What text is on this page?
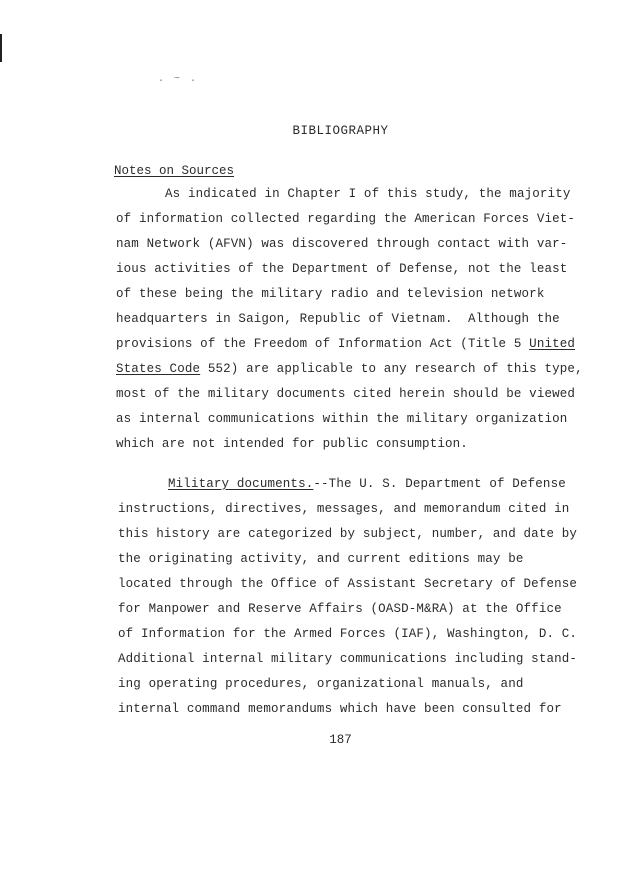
. ~ .
BIBLIOGRAPHY
Notes on Sources
As indicated in Chapter I of this study, the majority
of information collected regarding the American Forces Viet-
nam Network (AFVN) was discovered through contact with var-
ious activities of the Department of Defense, not the least
of these being the military radio and television network
headquarters in Saigon, Republic of Vietnam.  Although the
provisions of the Freedom of Information Act (Title 5 United
States Code 552) are applicable to any research of this type,
most of the military documents cited herein should be viewed
as internal communications within the military organization
which are not intended for public consumption.
Military documents.--The U. S. Department of Defense
instructions, directives, messages, and memorandum cited in
this history are categorized by subject, number, and date by
the originating activity, and current editions may be
located through the Office of Assistant Secretary of Defense
for Manpower and Reserve Affairs (OASD-M&RA) at the Office
of Information for the Armed Forces (IAF), Washington, D. C.
Additional internal military communications including stand-
ing operating procedures, organizational manuals, and
internal command memorandums which have been consulted for
187
